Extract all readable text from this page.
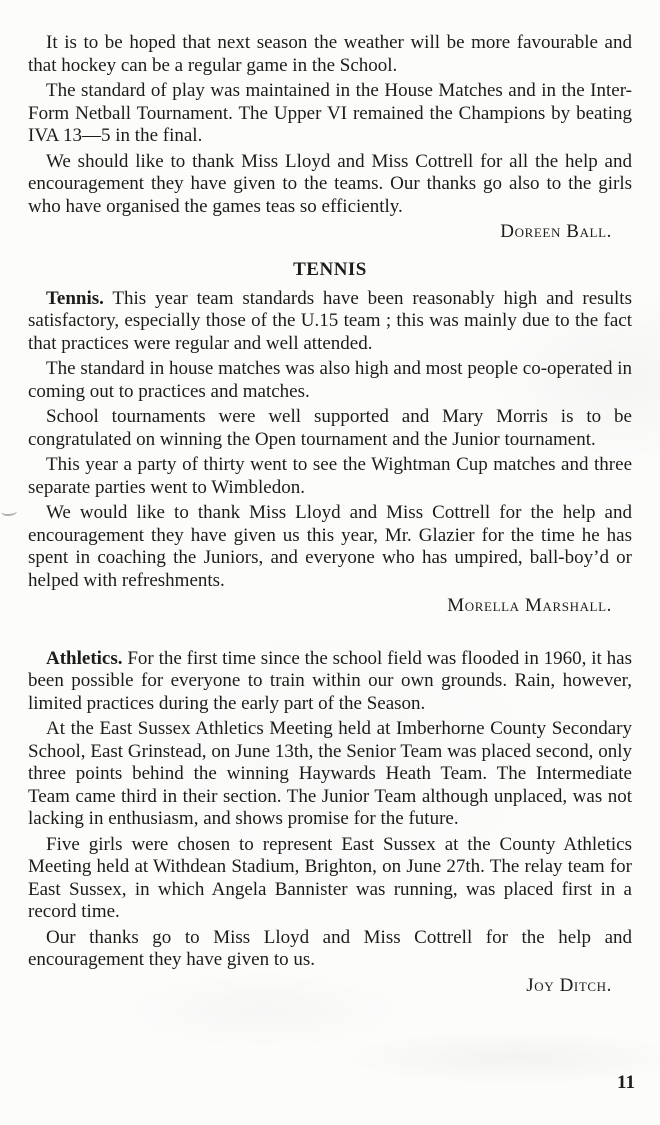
It is to be hoped that next season the weather will be more favourable and that hockey can be a regular game in the School.

The standard of play was maintained in the House Matches and in the Inter-Form Netball Tournament. The Upper VI remained the Champions by beating IVA 13—5 in the final.

We should like to thank Miss Lloyd and Miss Cottrell for all the help and encouragement they have given to the teams. Our thanks go also to the girls who have organised the games teas so efficiently.

Doreen Ball.
TENNIS

Tennis. This year team standards have been reasonably high and results satisfactory, especially those of the U.15 team ; this was mainly due to the fact that practices were regular and well attended.

The standard in house matches was also high and most people co-operated in coming out to practices and matches.

School tournaments were well supported and Mary Morris is to be congratulated on winning the Open tournament and the Junior tournament.

This year a party of thirty went to see the Wightman Cup matches and three separate parties went to Wimbledon.

We would like to thank Miss Lloyd and Miss Cottrell for the help and encouragement they have given us this year, Mr. Glazier for the time he has spent in coaching the Juniors, and everyone who has umpired, ball-boy’d or helped with refreshments.

Morella Marshall.

Athletics. For the first time since the school field was flooded in 1960, it has been possible for everyone to train within our own grounds. Rain, however, limited practices during the early part of the Season.

At the East Sussex Athletics Meeting held at Imberhorne County Secondary School, East Grinstead, on June 13th, the Senior Team was placed second, only three points behind the winning Haywards Heath Team. The Intermediate Team came third in their section. The Junior Team although unplaced, was not lacking in enthusiasm, and shows promise for the future.

Five girls were chosen to represent East Sussex at the County Athletics Meeting held at Withdean Stadium, Brighton, on June 27th. The relay team for East Sussex, in which Angela Bannister was running, was placed first in a record time.

Our thanks go to Miss Lloyd and Miss Cottrell for the help and encouragement they have given to us.

Joy Ditch.
11
